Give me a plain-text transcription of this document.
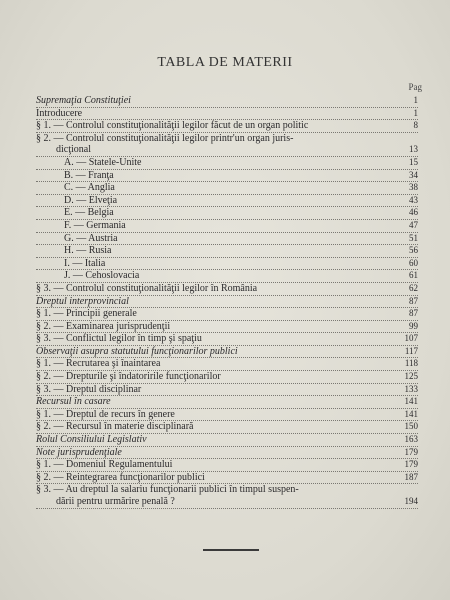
TABLA DE MATERII
Pag
Supremaţia Constituţiei	1
Introducere	1
§ 1. — Controlul constituţionalităţii legilor făcut de un organ politic	8
§ 2. — Controlul constituţionalităţii legilor printr'un organ juris-
dicţional	13
A. — Statele-Unite	15
B. — Franţa	34
C. — Anglia	38
D. — Elveţia	43
E. — Belgia	46
F. — Germania	47
G. — Austria	51
H. — Rusia	56
I. — Italia	60
J. — Cehoslovacia	61
§ 3. — Controlul constituţionalităţii legilor în România	62
Dreptul interprovincial	87
§ 1. — Principii generale	87
§ 2. — Examinarea jurisprudenţii	99
§ 3. — Conflictul legilor în timp şi spaţiu	107
Observaţii asupra statutului funcţionarilor publici	117
§ 1. — Recrutarea şi înaintarea	118
§ 2. — Drepturile şi îndatoririle funcţionarilor	125
§ 3. — Dreptul disciplinar	133
Recursul în casare	141
§ 1. — Dreptul de recurs în genere	141
§ 2. — Recursul în materie disciplinară	150
Rolul Consiliului Legislativ	163
Note jurisprudenţiale	179
§ 1. — Domeniul Regulamentului	179
§ 2. — Reintegrarea funcţionarilor publici	187
§ 3. — Au dreptul la salariu funcţionarii publici în timpul suspen-
dării pentru urmărire penală ?	194
